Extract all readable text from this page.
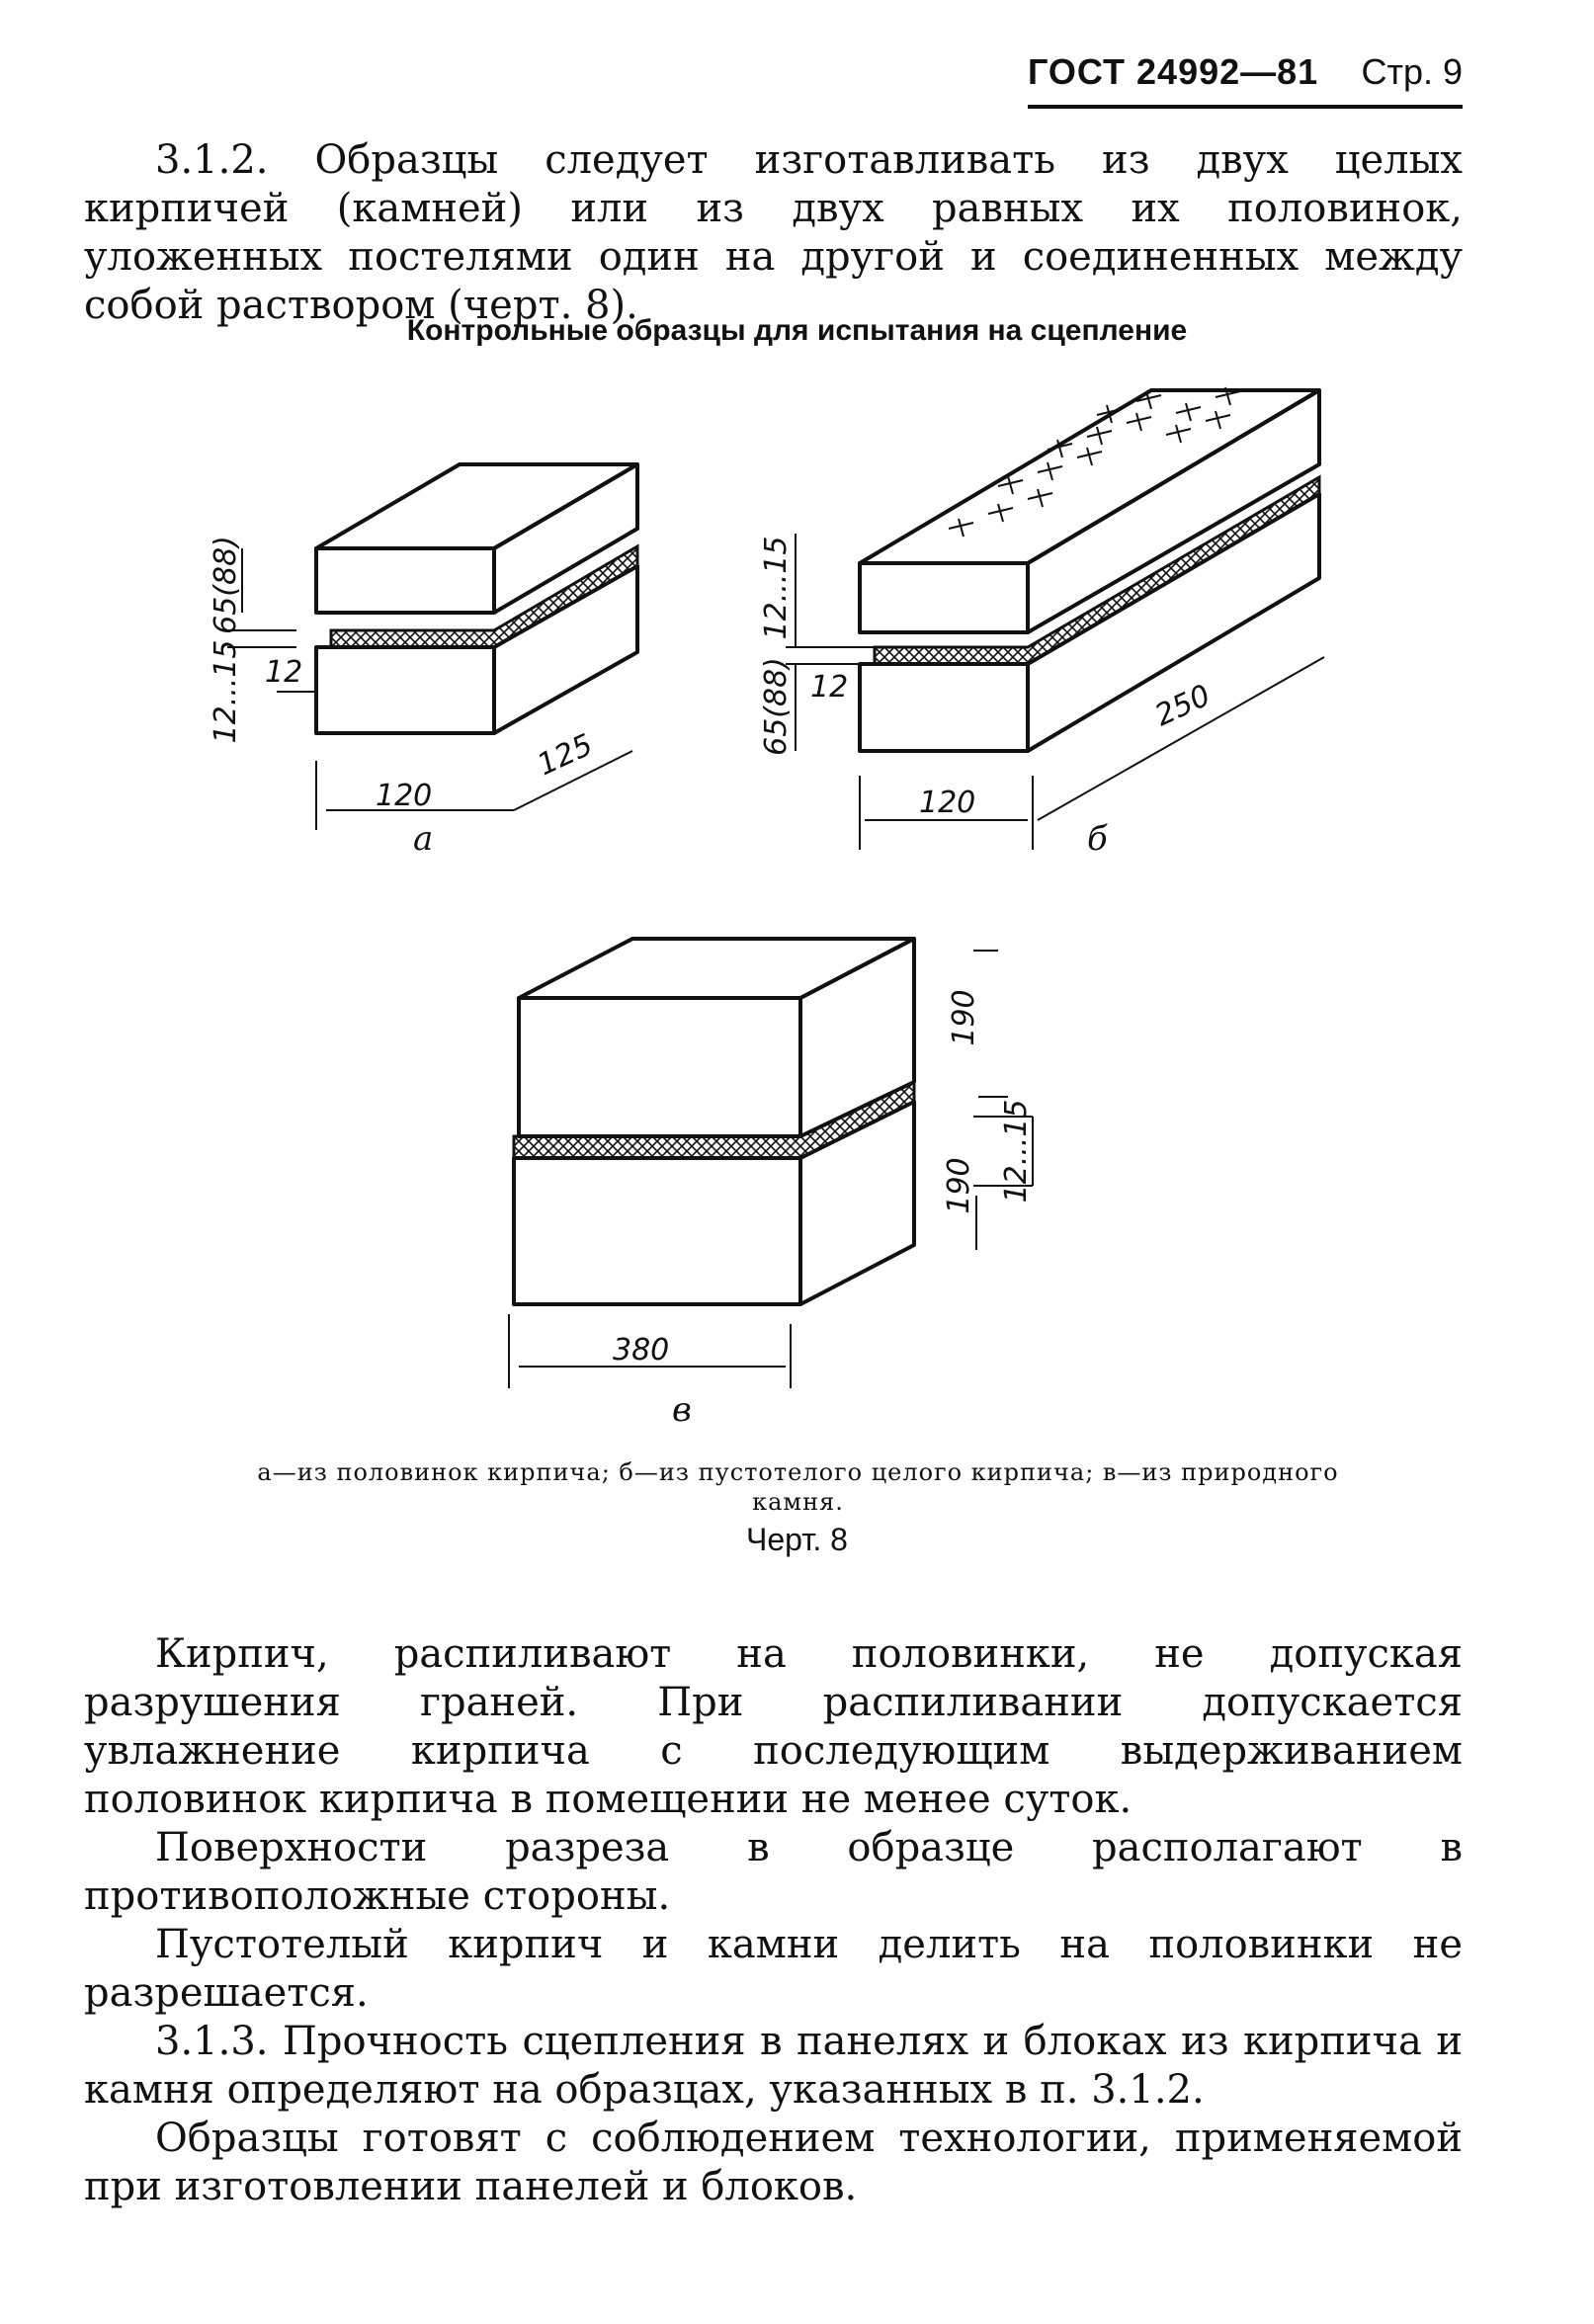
ГОСТ 24992—81 Стр. 9

3.1.2. Образцы следует изготавливать из двух целых кирпичей (камней) или из двух равных их половинок, уложенных постелями один на другой и соединенных между собой раствором (черт. 8).

Контрольные образцы для испытания на сцепление
65(88)
12...15 12
120
125
а
12...15
65(88) 12
120
250
б
190
12...15
190
380
в
а—из половинок кирпича; б—из пустотелого целого кирпича; в—из природного камня.
Черт. 8

Кирпич, распиливают на половинки, не допуская разрушения граней. При распиливании допускается увлажнение кирпича с последующим выдерживанием половинок кирпича в помещении не менее суток.

Поверхности разреза в образце располагают в противоположные стороны.

Пустотелый кирпич и камни делить на половинки не разрешается.

3.1.3. Прочность сцепления в панелях и блоках из кирпича и камня определяют на образцах, указанных в п. 3.1.2.

Образцы готовят с соблюдением технологии, применяемой при изготовлении панелей и блоков.
